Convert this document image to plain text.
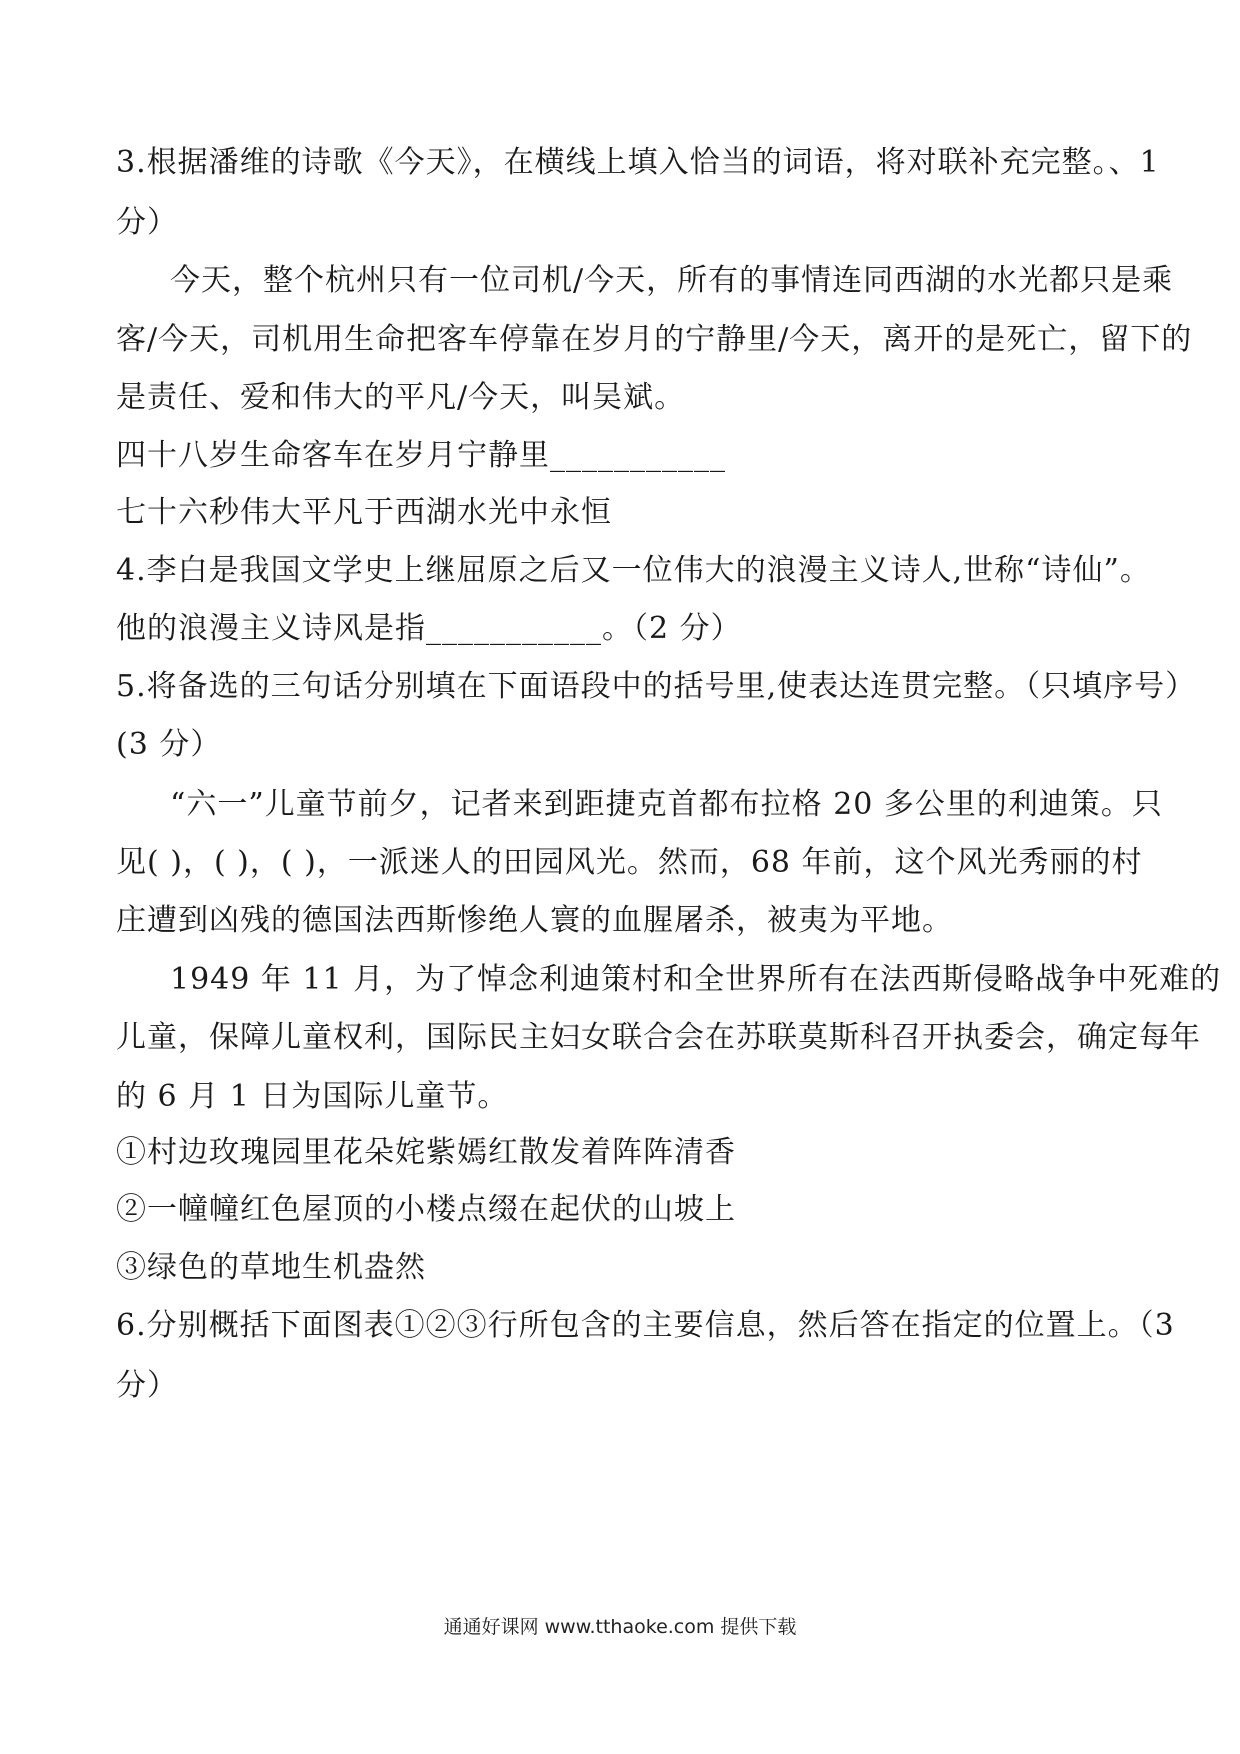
3.根据潘维的诗歌《今天》，在横线上填入恰当的词语，将对联补充完整。、1
分）
今天，整个杭州只有一位司机/今天，所有的事情连同西湖的水光都只是乘
客/今天，司机用生命把客车停靠在岁月的宁静里/今天，离开的是死亡，留下的
是责任、爱和伟大的平凡/今天，叫吴斌。
四十八岁生命客车在岁月宁静里___________
七十六秒伟大平凡于西湖水光中永恒
4.李白是我国文学史上继屈原之后又一位伟大的浪漫主义诗人,世称“诗仙”。
他的浪漫主义诗风是指___________。（2 分）
5.将备选的三句话分别填在下面语段中的括号里,使表达连贯完整。（只填序号）
(3 分）
“六一”儿童节前夕，记者来到距捷克首都布拉格 20 多公里的利迪策。只
见( )，( )，( )，一派迷人的田园风光。然而，68 年前，这个风光秀丽的村
庄遭到凶残的德国法西斯惨绝人寰的血腥屠杀，被夷为平地。
1949 年 11 月，为了悼念利迪策村和全世界所有在法西斯侵略战争中死难的
儿童，保障儿童权利，国际民主妇女联合会在苏联莫斯科召开执委会，确定每年
的 6 月 1 日为国际儿童节。
①村边玫瑰园里花朵姹紫嫣红散发着阵阵清香
②一幢幢红色屋顶的小楼点缀在起伏的山坡上
③绿色的草地生机盎然
6.分别概括下面图表①②③行所包含的主要信息，然后答在指定的位置上。（3
分）
通通好课网 www.tthaoke.com 提供下载
